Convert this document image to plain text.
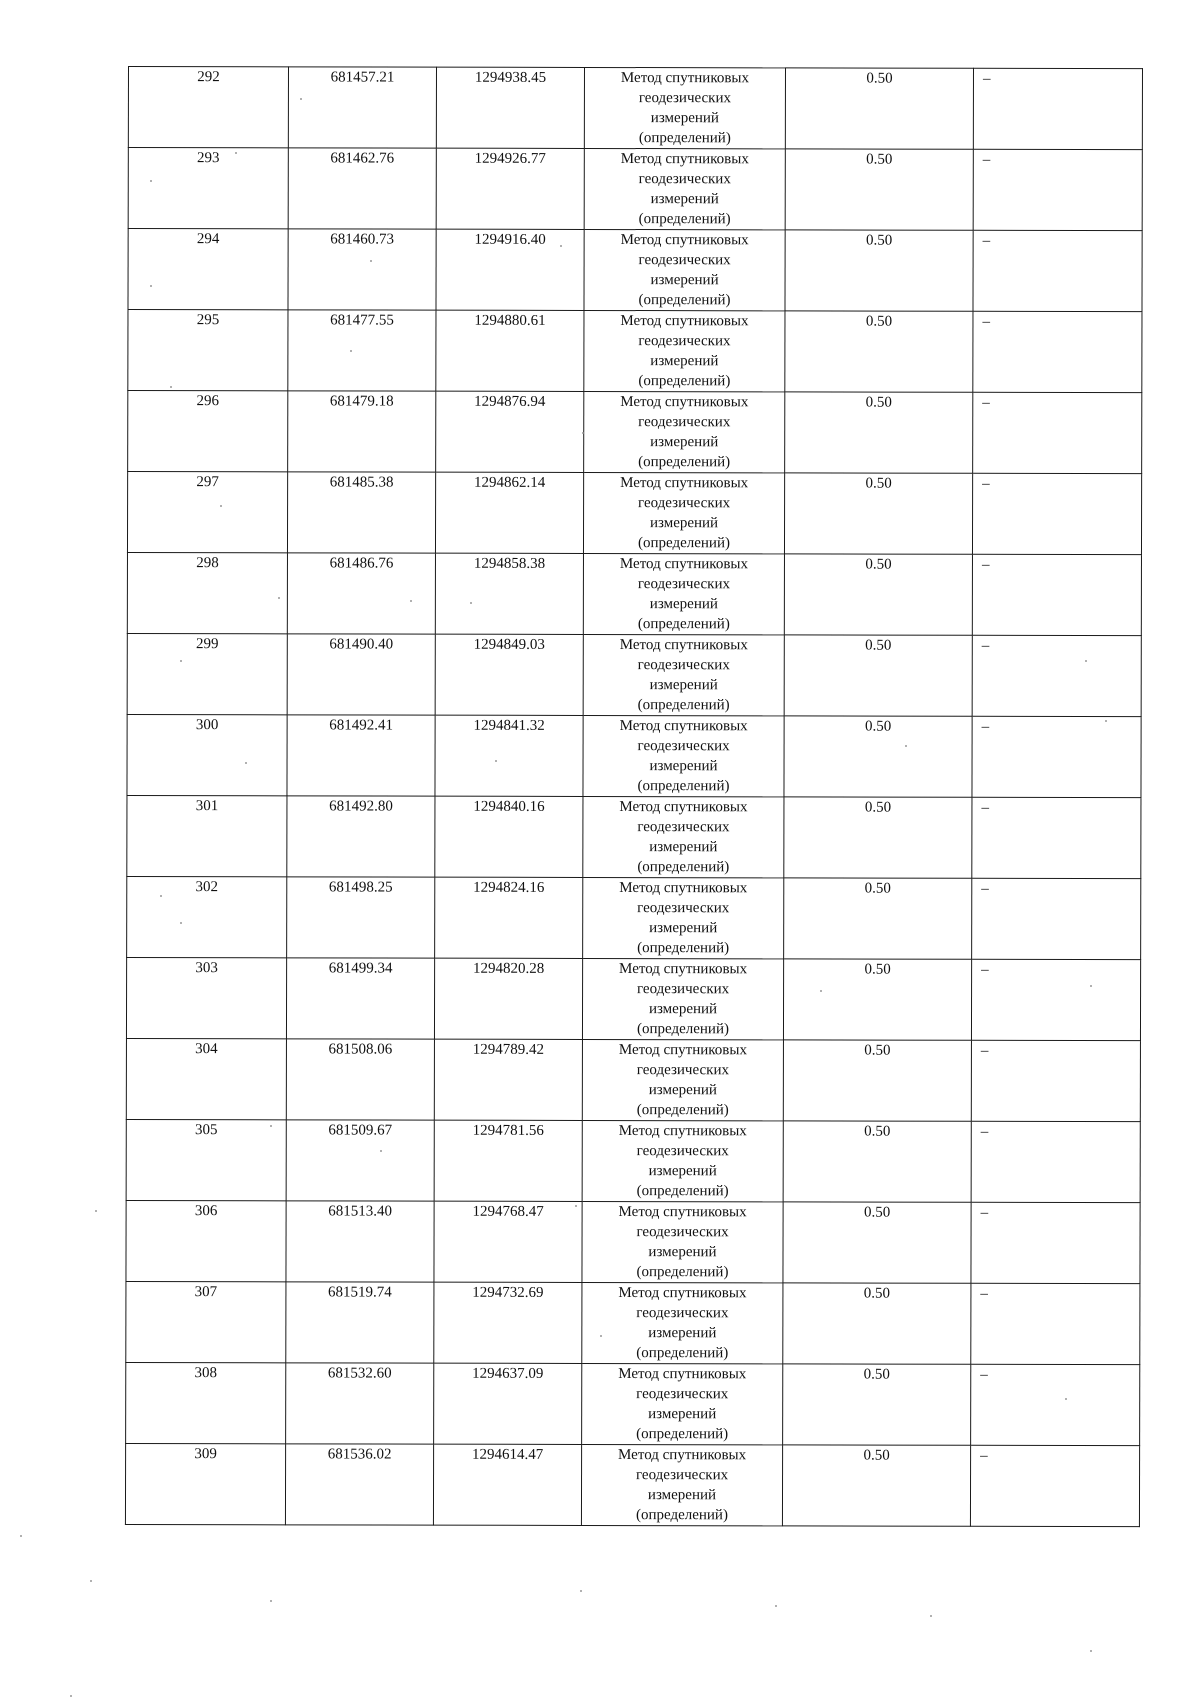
292	681457.21	1294938.45	Метод спутниковых
геодезических
измерений
(определений)	0.50	–
293	681462.76	1294926.77	Метод спутниковых
геодезических
измерений
(определений)	0.50	–
294	681460.73	1294916.40	Метод спутниковых
геодезических
измерений
(определений)	0.50	–
295	681477.55	1294880.61	Метод спутниковых
геодезических
измерений
(определений)	0.50	–
296	681479.18	1294876.94	Метод спутниковых
геодезических
измерений
(определений)	0.50	–
297	681485.38	1294862.14	Метод спутниковых
геодезических
измерений
(определений)	0.50	–
298	681486.76	1294858.38	Метод спутниковых
геодезических
измерений
(определений)	0.50	–
299	681490.40	1294849.03	Метод спутниковых
геодезических
измерений
(определений)	0.50	–
300	681492.41	1294841.32	Метод спутниковых
геодезических
измерений
(определений)	0.50	–
301	681492.80	1294840.16	Метод спутниковых
геодезических
измерений
(определений)	0.50	–
302	681498.25	1294824.16	Метод спутниковых
геодезических
измерений
(определений)	0.50	–
303	681499.34	1294820.28	Метод спутниковых
геодезических
измерений
(определений)	0.50	–
304	681508.06	1294789.42	Метод спутниковых
геодезических
измерений
(определений)	0.50	–
305	681509.67	1294781.56	Метод спутниковых
геодезических
измерений
(определений)	0.50	–
306	681513.40	1294768.47	Метод спутниковых
геодезических
измерений
(определений)	0.50	–
307	681519.74	1294732.69	Метод спутниковых
геодезических
измерений
(определений)	0.50	–
308	681532.60	1294637.09	Метод спутниковых
геодезических
измерений
(определений)	0.50	–
309	681536.02	1294614.47	Метод спутниковых
геодезических
измерений
(определений)	0.50	–
